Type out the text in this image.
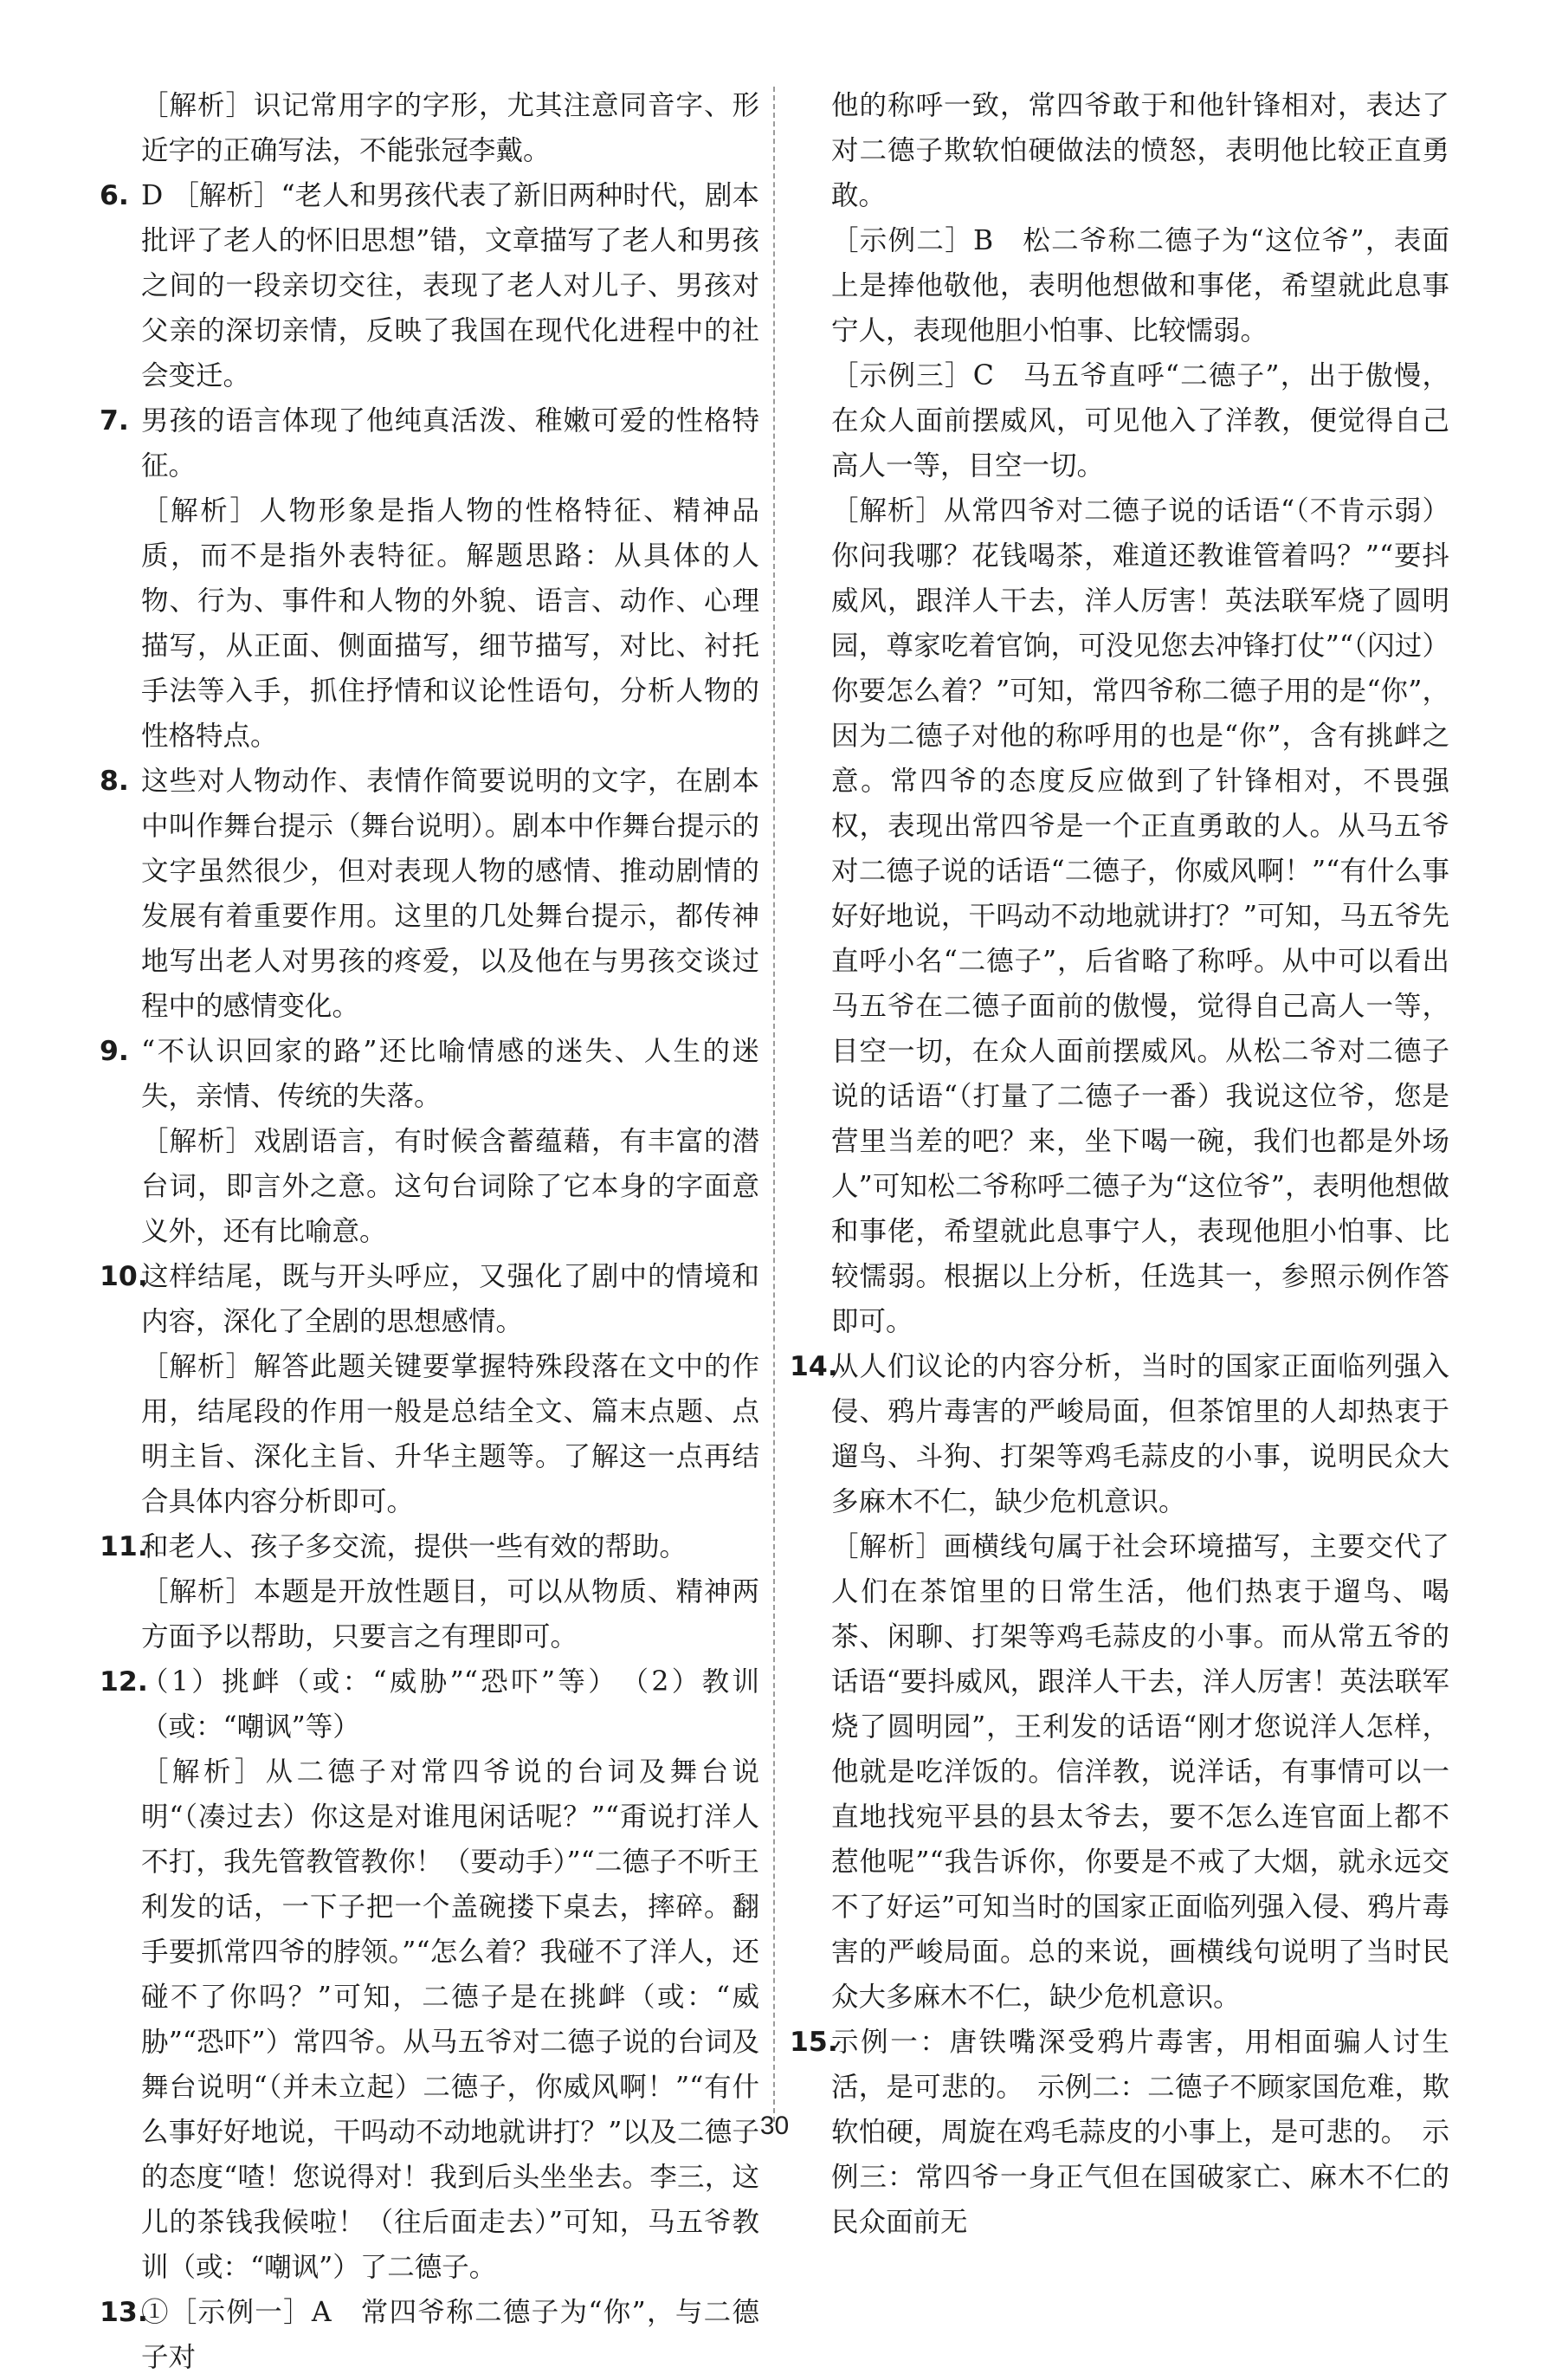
［解析］识记常用字的字形，尤其注意同音字、形近字的正确写法，不能张冠李戴。
6. D ［解析］“老人和男孩代表了新旧两种时代，剧本批评了老人的怀旧思想”错，文章描写了老人和男孩之间的一段亲切交往，表现了老人对儿子、男孩对父亲的深切亲情，反映了我国在现代化进程中的社会变迁。
7. 男孩的语言体现了他纯真活泼、稚嫩可爱的性格特征。
［解析］人物形象是指人物的性格特征、精神品质，而不是指外表特征。解题思路：从具体的人物、行为、事件和人物的外貌、语言、动作、心理描写，从正面、侧面描写，细节描写，对比、衬托手法等入手，抓住抒情和议论性语句，分析人物的性格特点。
8. 这些对人物动作、表情作简要说明的文字，在剧本中叫作舞台提示（舞台说明）。剧本中作舞台提示的文字虽然很少，但对表现人物的感情、推动剧情的发展有着重要作用。这里的几处舞台提示，都传神地写出老人对男孩的疼爱，以及他在与男孩交谈过程中的感情变化。
9. “不认识回家的路”还比喻情感的迷失、人生的迷失，亲情、传统的失落。
［解析］戏剧语言，有时候含蓄蕴藉，有丰富的潜台词，即言外之意。这句台词除了它本身的字面意义外，还有比喻意。
10.
这样结尾，既与开头呼应，又强化了剧中的情境和内容，深化了全剧的思想感情。
［解析］解答此题关键要掌握特殊段落在文中的作用，结尾段的作用一般是总结全文、篇末点题、点明主旨、深化主旨、升华主题等。了解这一点再结合具体内容分析即可。
11.
和老人、孩子多交流，提供一些有效的帮助。
［解析］本题是开放性题目，可以从物质、精神两方面予以帮助，只要言之有理即可。
12.
（1）挑衅（或：“威胁”“恐吓”等）　（2）教训（或：“嘲讽”等）
［解析］从二德子对常四爷说的台词及舞台说明“（凑过去）你这是对谁甩闲话呢？”“甭说打洋人不打，我先管教管教你！（要动手）”“二德子不听王利发的话，一下子把一个盖碗搂下桌去，摔碎。翻手要抓常四爷的脖领。”“怎么着？我碰不了洋人，还碰不了你吗？”可知，二德子是在挑衅（或：“威胁”“恐吓”）常四爷。从马五爷对二德子说的台词及舞台说明“（并未立起）二德子，你威风啊！”“有什么事好好地说，干吗动不动地就讲打？”以及二德子的态度“喳！您说得对！我到后头坐坐去。李三，这儿的茶钱我候啦！（往后面走去）”可知，马五爷教训（或：“嘲讽”）了二德子。
13.
①［示例一］A　常四爷称二德子为“你”，与二德子对
他的称呼一致，常四爷敢于和他针锋相对，表达了对二德子欺软怕硬做法的愤怒，表明他比较正直勇敢。
［示例二］B　松二爷称二德子为“这位爷”，表面上是捧他敬他，表明他想做和事佬，希望就此息事宁人，表现他胆小怕事、比较懦弱。
［示例三］C　马五爷直呼“二德子”，出于傲慢，在众人面前摆威风，可见他入了洋教，便觉得自己高人一等，目空一切。
［解析］从常四爷对二德子说的话语“（不肯示弱）你问我哪？花钱喝茶，难道还教谁管着吗？”“要抖威风，跟洋人干去，洋人厉害！英法联军烧了圆明园，尊家吃着官饷，可没见您去冲锋打仗”“（闪过）你要怎么着？”可知，常四爷称二德子用的是“你”，因为二德子对他的称呼用的也是“你”，含有挑衅之意。常四爷的态度反应做到了针锋相对，不畏强权，表现出常四爷是一个正直勇敢的人。从马五爷对二德子说的话语“二德子，你威风啊！”“有什么事好好地说，干吗动不动地就讲打？”可知，马五爷先直呼小名“二德子”，后省略了称呼。从中可以看出马五爷在二德子面前的傲慢，觉得自己高人一等，目空一切，在众人面前摆威风。从松二爷对二德子说的话语“（打量了二德子一番）我说这位爷，您是营里当差的吧？来，坐下喝一碗，我们也都是外场人”可知松二爷称呼二德子为“这位爷”，表明他想做和事佬，希望就此息事宁人，表现他胆小怕事、比较懦弱。根据以上分析，任选其一，参照示例作答即可。
14.
从人们议论的内容分析，当时的国家正面临列强入侵、鸦片毒害的严峻局面，但茶馆里的人却热衷于遛鸟、斗狗、打架等鸡毛蒜皮的小事，说明民众大多麻木不仁，缺少危机意识。
［解析］画横线句属于社会环境描写，主要交代了人们在茶馆里的日常生活，他们热衷于遛鸟、喝茶、闲聊、打架等鸡毛蒜皮的小事。而从常五爷的话语“要抖威风，跟洋人干去，洋人厉害！英法联军烧了圆明园”，王利发的话语“刚才您说洋人怎样，他就是吃洋饭的。信洋教，说洋话，有事情可以一直地找宛平县的县太爷去，要不怎么连官面上都不惹他呢”“我告诉你，你要是不戒了大烟，就永远交不了好运”可知当时的国家正面临列强入侵、鸦片毒害的严峻局面。总的来说，画横线句说明了当时民众大多麻木不仁，缺少危机意识。
15.
示例一：唐铁嘴深受鸦片毒害，用相面骗人讨生活，是可悲的。　示例二：二德子不顾家国危难，欺软怕硬，周旋在鸡毛蒜皮的小事上，是可悲的。　示例三：常四爷一身正气但在国破家亡、麻木不仁的民众面前无
30
